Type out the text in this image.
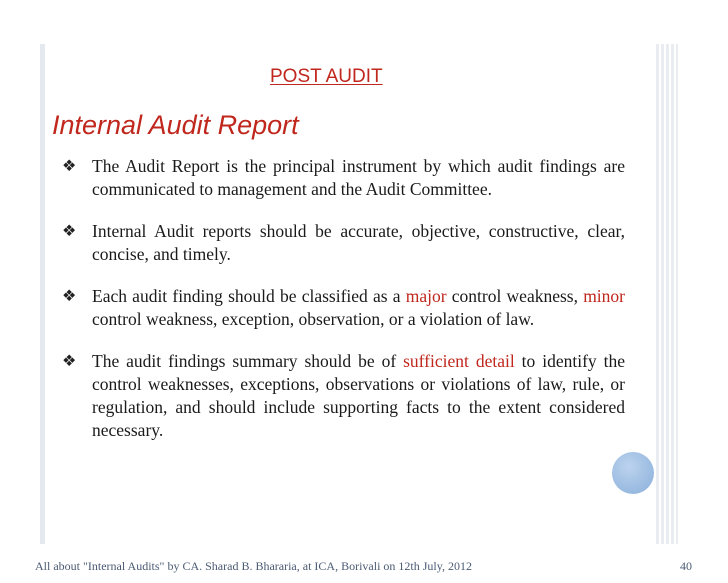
POST AUDIT
Internal Audit Report
❖ The Audit Report is the principal instrument by which audit findings are communicated to management and the Audit Committee.
❖ Internal Audit reports should be accurate, objective, constructive, clear, concise, and timely.
❖ Each audit finding should be classified as a major control weakness, minor control weakness, exception, observation, or a violation of law.
❖ The audit findings summary should be of sufficient detail to identify the control weaknesses, exceptions, observations or violations of law, rule, or regulation, and should include supporting facts to the extent considered necessary.
All about "Internal Audits" by CA. Sharad B. Bhararia, at ICA, Borivali on 12th July, 2012	40
